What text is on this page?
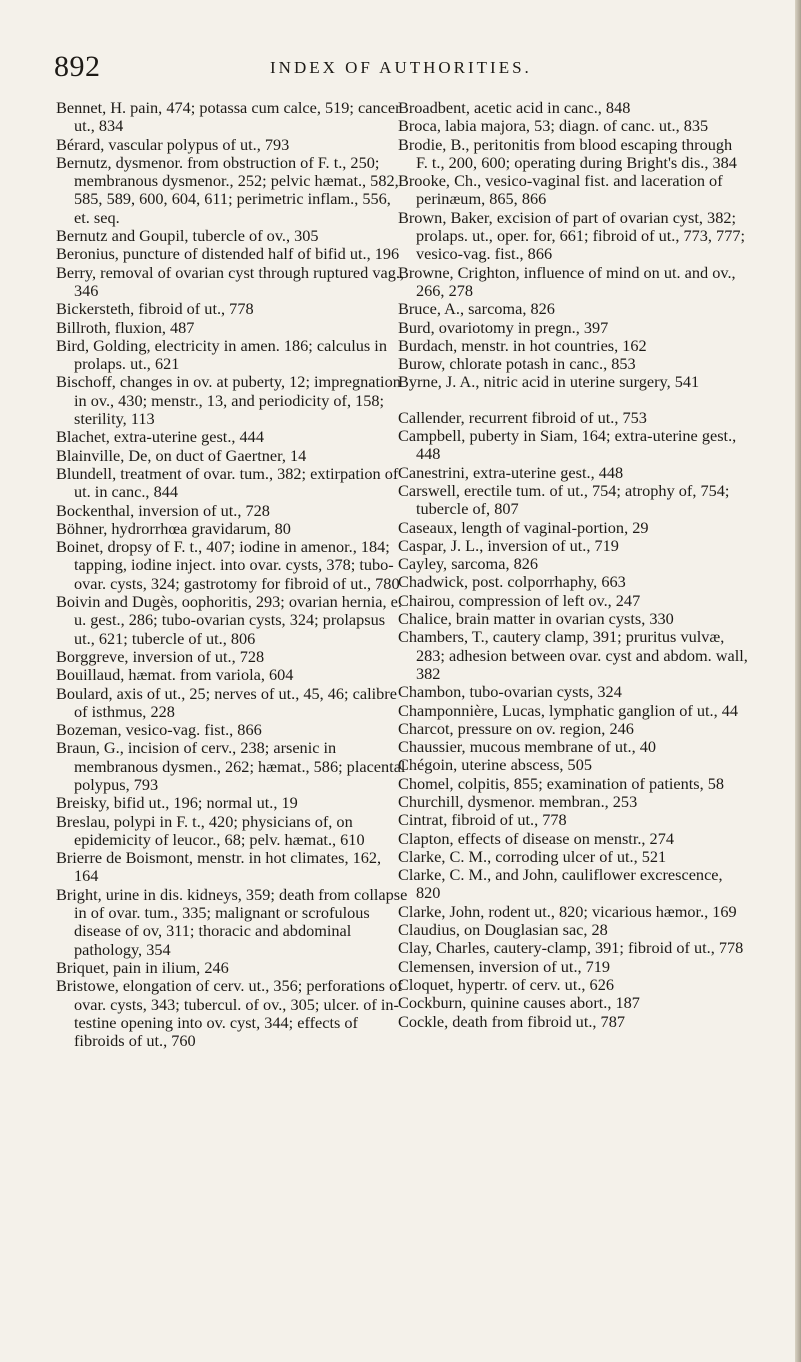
892	INDEX OF AUTHORITIES.

Bennet, H. pain, 474; potassa cum calce, 519; cancer ut., 834

Bérard, vascular polypus of ut., 793

Bernutz, dysmenor. from obstruction of F. t., 250; membranous dysmenor., 252; pelvic hæmat., 582, 585, 589, 600, 604, 611; perimetric inflam., 556, et. seq.

Bernutz and Goupil, tubercle of ov., 305

Beronius, puncture of distended half of bifid ut., 196

Berry, removal of ovarian cyst through ruptured vag., 346

Bickersteth, fibroid of ut., 778

Billroth, fluxion, 487

Bird, Golding, electricity in amen. 186; calculus in prolaps. ut., 621

Bischoff, changes in ov. at puberty, 12; impregnation in ov., 430; menstr., 13, and periodicity of, 158; sterility, 113

Blachet, extra-uterine gest., 444

Blainville, De, on duct of Gaertner, 14

Blundell, treatment of ovar. tum., 382; extirpation of ut. in canc., 844

Bockenthal, inversion of ut., 728

Böhner, hydrorrhœa gravidarum, 80

Boinet, dropsy of F. t., 407; iodine in amenor., 184; tapping, iodine inject. into ovar. cysts, 378; tubo-ovar. cysts, 324; gastrotomy for fibroid of ut., 780

Boivin and Dugès, oophoritis, 293; ovarian hernia, e. u. gest., 286; tubo-ovarian cysts, 324; prolapsus ut., 621; tubercle of ut., 806

Borggreve, inversion of ut., 728

Bouillaud, hæmat. from variola, 604

Boulard, axis of ut., 25; nerves of ut., 45, 46; calibre of isthmus, 228

Bozeman, vesico-vag. fist., 866

Braun, G., incision of cerv., 238; arsenic in membranous dysmen., 262; hæmat., 586; placental polypus, 793

Breisky, bifid ut., 196; normal ut., 19

Breslau, polypi in F. t., 420; physicians of, on epidemicity of leucor., 68; pelv. hæmat., 610

Brierre de Boismont, menstr. in hot climates, 162, 164

Bright, urine in dis. kidneys, 359; death from collapse in of ovar. tum., 335; malignant or scrofulous disease of ov, 311; thoracic and abdominal pathology, 354

Briquet, pain in ilium, 246

Bristowe, elongation of cerv. ut., 356; perforations of ovar. cysts, 343; tubercul. of ov., 305; ulcer. of intestine opening into ov. cyst, 344; effects of fibroids of ut., 760

Broadbent, acetic acid in canc., 848

Broca, labia majora, 53; diagn. of canc. ut., 835

Brodie, B., peritonitis from blood escaping through F. t., 200, 600; operating during Bright's dis., 384

Brooke, Ch., vesico-vaginal fist. and laceration of perinæum, 865, 866

Brown, Baker, excision of part of ovarian cyst, 382; prolaps. ut., oper. for, 661; fibroid of ut., 773, 777; vesico-vag. fist., 866

Browne, Crighton, influence of mind on ut. and ov., 266, 278

Bruce, A., sarcoma, 826

Burd, ovariotomy in pregn., 397

Burdach, menstr. in hot countries, 162

Burow, chlorate potash in canc., 853

Byrne, J. A., nitric acid in uterine surgery, 541

Callender, recurrent fibroid of ut., 753

Campbell, puberty in Siam, 164; extra-uterine gest., 448

Canestrini, extra-uterine gest., 448

Carswell, erectile tum. of ut., 754; atrophy of, 754; tubercle of, 807

Caseaux, length of vaginal-portion, 29

Caspar, J. L., inversion of ut., 719

Cayley, sarcoma, 826

Chadwick, post. colporrhaphy, 663

Chairou, compression of left ov., 247

Chalice, brain matter in ovarian cysts, 330

Chambers, T., cautery clamp, 391; pruritus vulvæ, 283; adhesion between ovar. cyst and abdom. wall, 382

Chambon, tubo-ovarian cysts, 324

Champonnière, Lucas, lymphatic ganglion of ut., 44

Charcot, pressure on ov. region, 246

Chaussier, mucous membrane of ut., 40

Chégoin, uterine abscess, 505

Chomel, colpitis, 855; examination of patients, 58

Churchill, dysmenor. membran., 253

Cintrat, fibroid of ut., 778

Clapton, effects of disease on menstr., 274

Clarke, C. M., corroding ulcer of ut., 521

Clarke, C. M., and John, cauliflower excrescence, 820

Clarke, John, rodent ut., 820; vicarious hæmor., 169

Claudius, on Douglasian sac, 28

Clay, Charles, cautery-clamp, 391; fibroid of ut., 778

Clemensen, inversion of ut., 719

Cloquet, hypertr. of cerv. ut., 626

Cockburn, quinine causes abort., 187

Cockle, death from fibroid ut., 787
